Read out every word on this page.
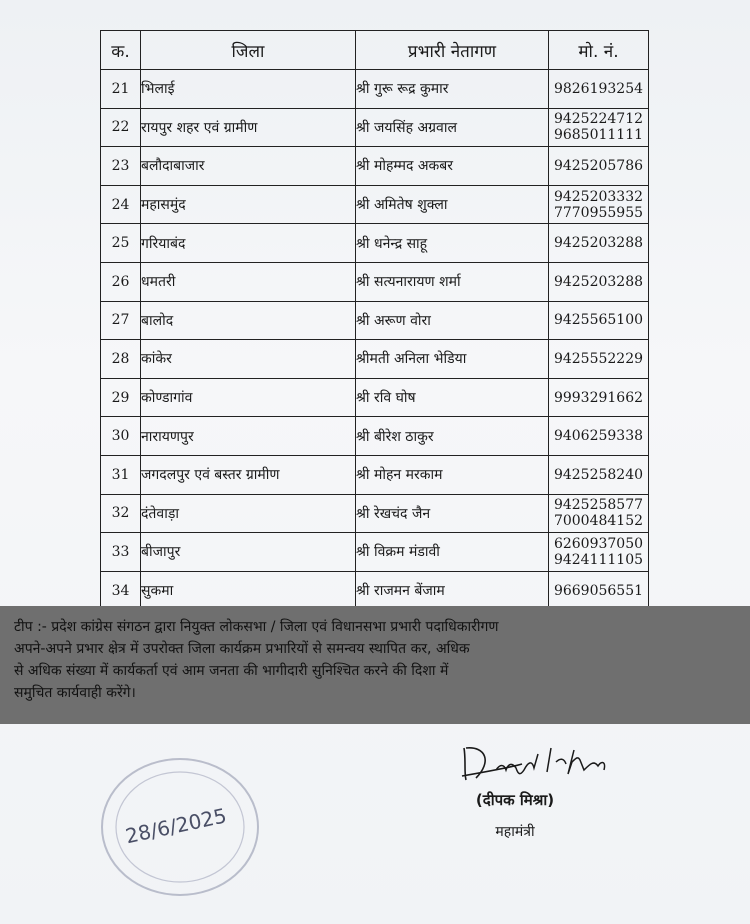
क.	जिला	प्रभारी नेतागण	मो. नं.
21	भिलाई	श्री गुरू रूद्र कुमार	9826193254

22	रायपुर शहर एवं ग्रामीण	श्री जयसिंह अग्रवाल	9425224712
9685011111

23	बलौदाबाजार	श्री मोहम्मद अकबर	9425205786

24	महासमुंद	श्री अमितेष शुक्ला	9425203332
7770955955

25	गरियाबंद	श्री धनेन्द्र साहू	9425203288

26	धमतरी	श्री सत्यनारायण शर्मा	9425203288

27	बालोद	श्री अरूण वोरा	9425565100

28	कांकेर	श्रीमती अनिला भेडिया	9425552229

29	कोण्डागांव	श्री रवि घोष	9993291662

30	नारायणपुर	श्री बीरेश ठाकुर	9406259338

31	जगदलपुर एवं बस्तर ग्रामीण	श्री मोहन मरकाम	9425258240

32	दंतेवाड़ा	श्री रेखचंद जैन	9425258577
7000484152

33	बीजापुर	श्री विक्रम मंडावी	6260937050
9424111105

34	सुकमा	श्री राजमन बेंजाम	9669056551
टीप :- प्रदेश कांग्रेस संगठन द्वारा नियुक्त लोकसभा / जिला एवं विधानसभा प्रभारी पदाधिकारीगण
अपने-अपने प्रभार क्षेत्र में उपरोक्त जिला कार्यक्रम प्रभारियों से समन्वय स्थापित कर, अधिक
से अधिक संख्या में कार्यकर्ता एवं आम जनता की भागीदारी सुनिश्चित करने की दिशा में
समुचित कार्यवाही करेंगे।
28/6/2025
(दीपक मिश्रा)
महामंत्री
